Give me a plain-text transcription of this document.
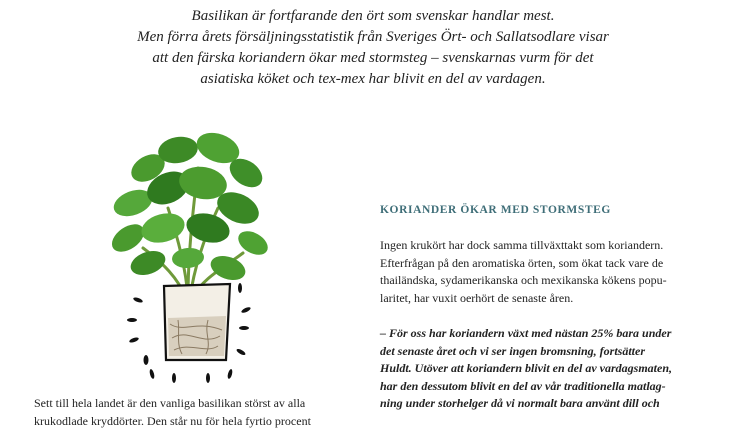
Basilikan är fortfarande den ört som svenskar handlar mest.
Men förra årets försäljningsstatistik från Sveriges Ört- och Sallatsodlare visar
att den färska koriandern ökar med stormsteg – svenskarnas vurm för det
asiatiska köket och tex-mex har blivit en del av vardagen.
KORIANDER ÖKAR MED STORMSTEG
Ingen krukört har dock samma tillväxttakt som koriandern.
Efterfrågan på den aromatiska örten, som ökat tack vare de
thailändska, sydamerikanska och mexikanska kökens popu-
laritet, har vuxit oerhört de senaste åren.
– För oss har koriandern växt med nästan 25% bara under
det senaste året och vi ser ingen bromsning, fortsätter
Huldt. Utöver att koriandern blivit en del av vardagsmaten,
har den dessutom blivit en del av vår traditionella matlag-
ning under storhelger då vi normalt bara använt dill och
Sett till hela landet är den vanliga basilikan störst av alla
krukodlade kryddörter. Den står nu för hela fyrtio procent
